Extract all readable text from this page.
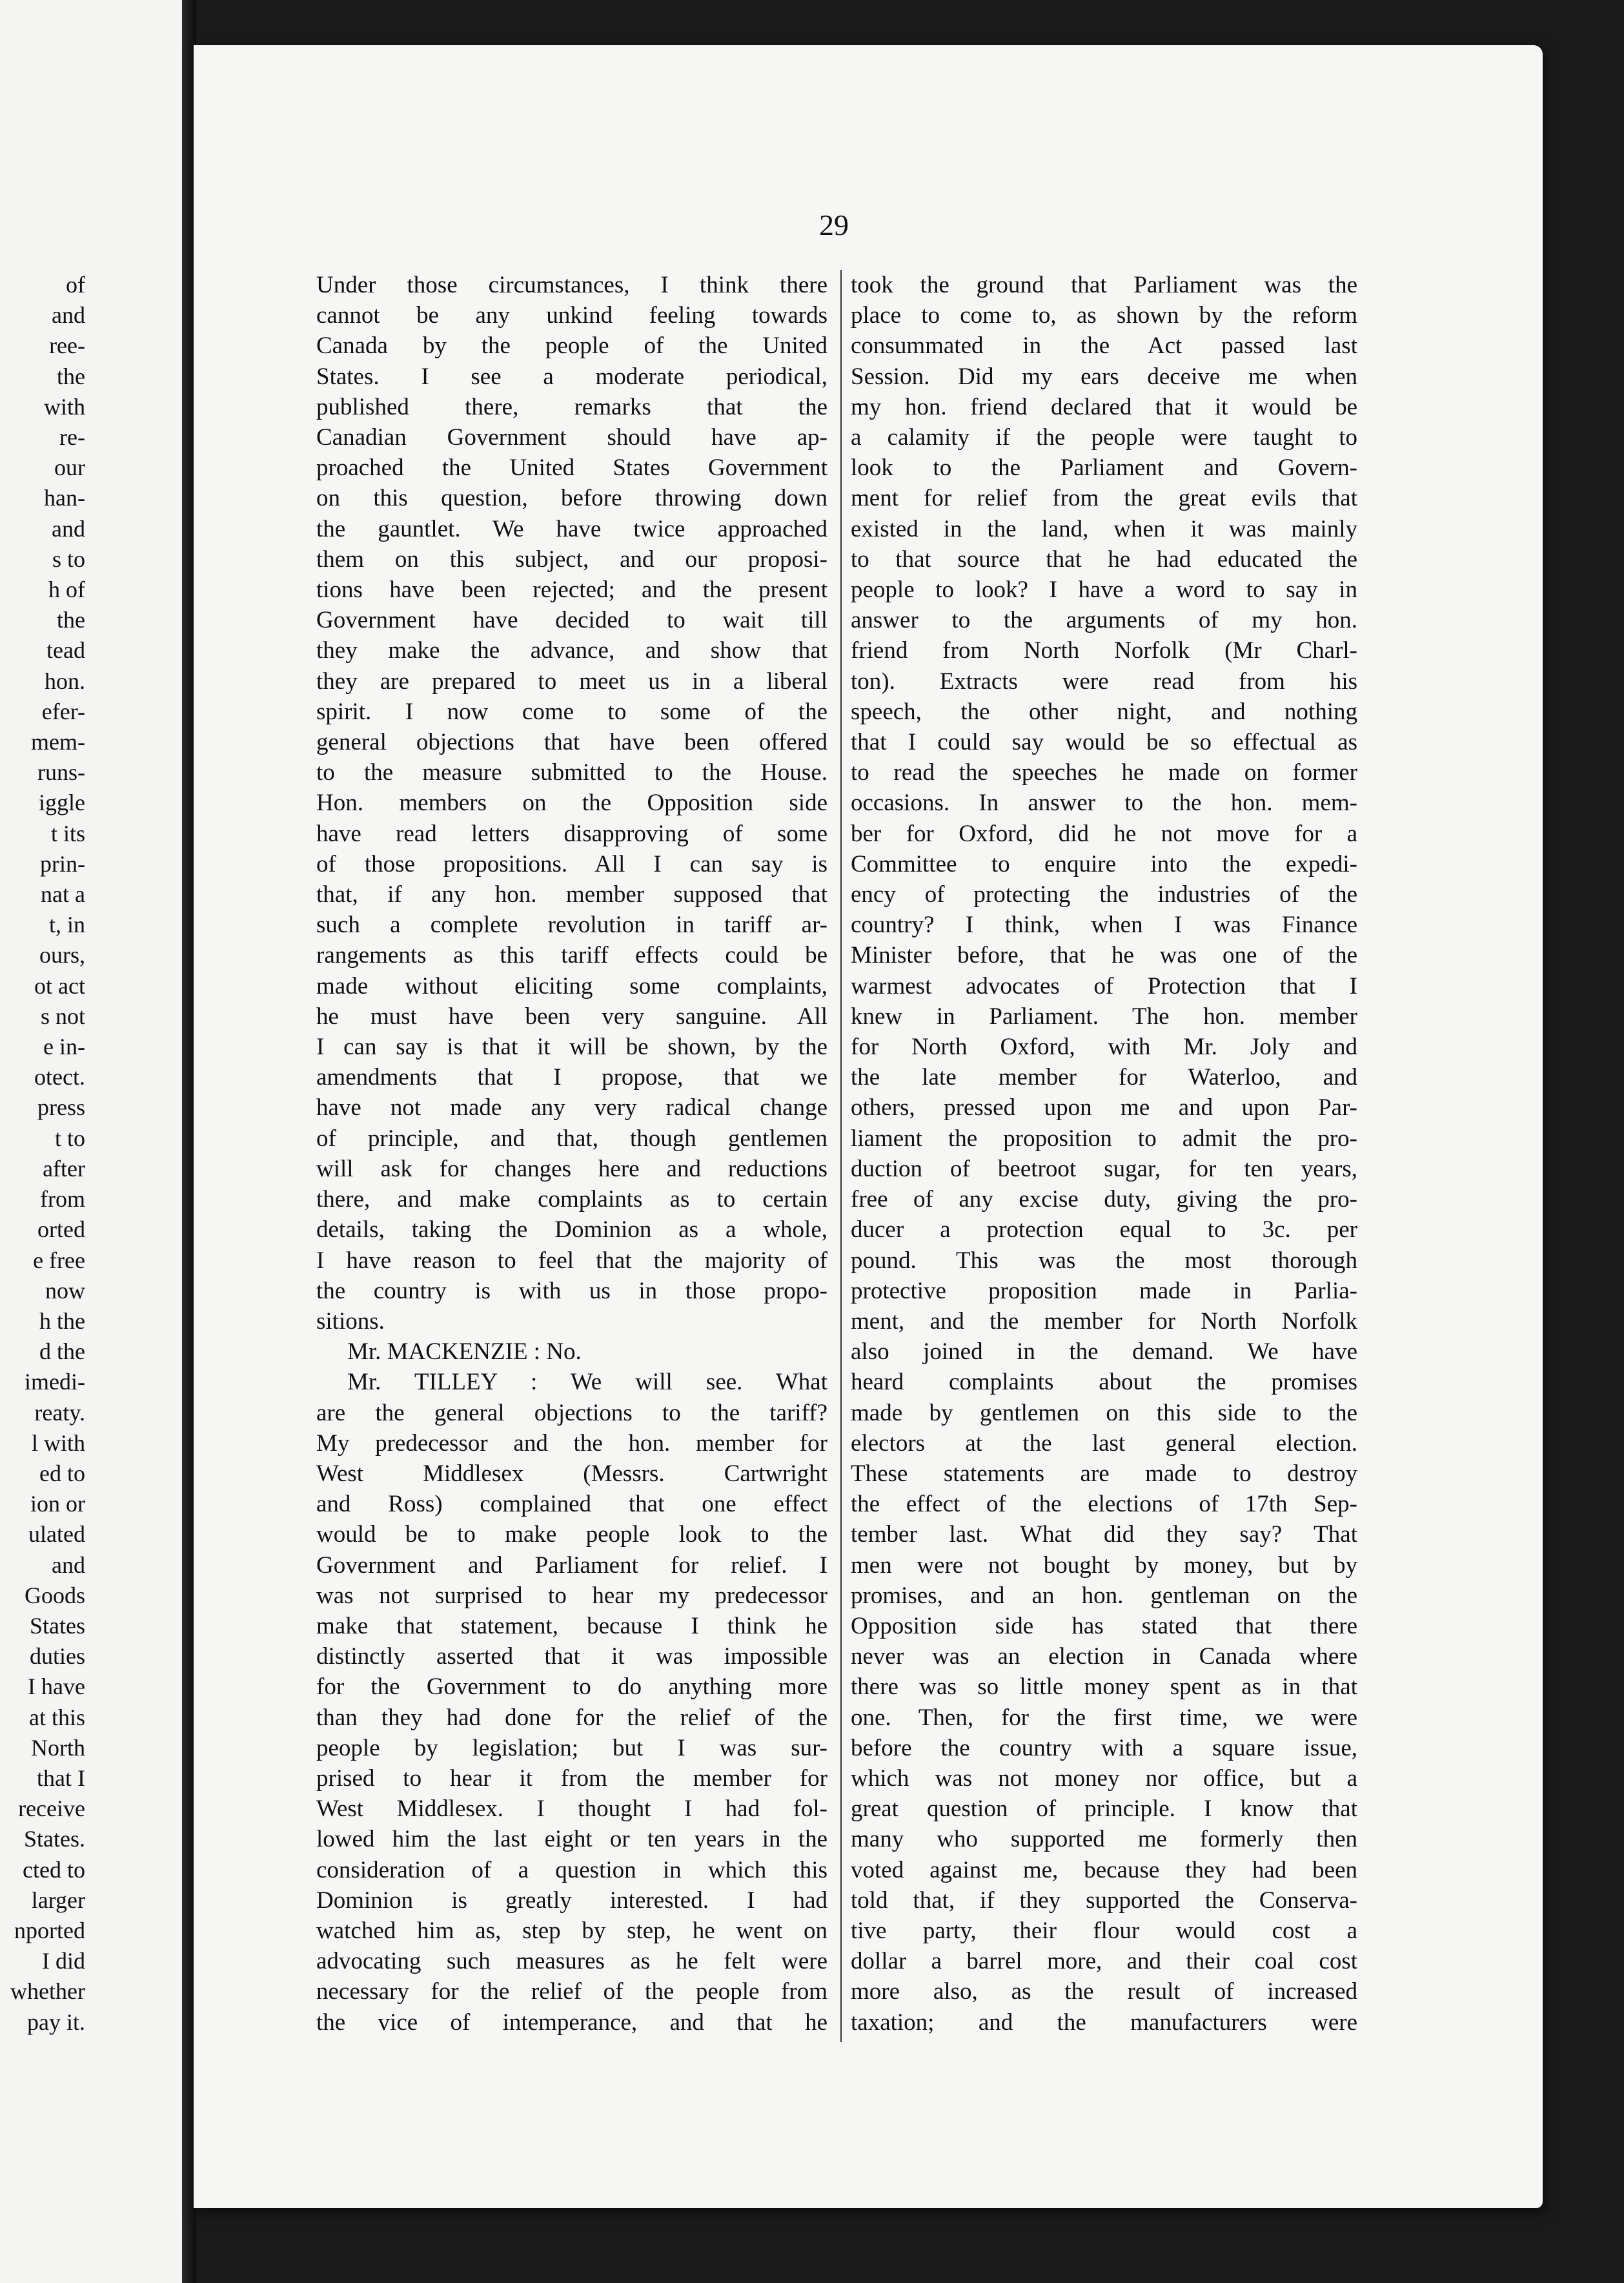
of
and
ree-
the
with
re-
our
han-
and
s to
h of
the
tead
hon.
efer-
mem-
runs-
iggle
t its
prin-
nat a
t, in
ours,
ot act
s not
e in-
otect.
press
t to
after
from
orted
e free
now
h the
d the
imedi-
reaty.
l with
ed to
ion or
ulated
and
Goods
States
duties
I have
at this
North
that I
receive
States.
cted to
larger
nported
I did
whether
pay it.
29
Under those circumstances, I think there
cannot be any unkind feeling towards
Canada by the people of the United
States. I see a moderate periodical,
published there, remarks that the
Canadian Government should have ap-
proached the United States Government
on this question, before throwing down
the gauntlet. We have twice approached
them on this subject, and our proposi-
tions have been rejected; and the present
Government have decided to wait till
they make the advance, and show that
they are prepared to meet us in a liberal
spirit. I now come to some of the
general objections that have been offered
to the measure submitted to the House.
Hon. members on the Opposition side
have read letters disapproving of some
of those propositions. All I can say is
that, if any hon. member supposed that
such a complete revolution in tariff ar-
rangements as this tariff effects could be
made without eliciting some complaints,
he must have been very sanguine. All
I can say is that it will be shown, by the
amendments that I propose, that we
have not made any very radical change
of principle, and that, though gentlemen
will ask for changes here and reductions
there, and make complaints as to certain
details, taking the Dominion as a whole,
I have reason to feel that the majority of
the country is with us in those propo-
sitions.
Mr. MACKENZIE : No.
Mr. TILLEY : We will see. What
are the general objections to the tariff?
My predecessor and the hon. member for
West Middlesex (Messrs. Cartwright
and Ross) complained that one effect
would be to make people look to the
Government and Parliament for relief. I
was not surprised to hear my predecessor
make that statement, because I think he
distinctly asserted that it was impossible
for the Government to do anything more
than they had done for the relief of the
people by legislation; but I was sur-
prised to hear it from the member for
West Middlesex. I thought I had fol-
lowed him the last eight or ten years in the
consideration of a question in which this
Dominion is greatly interested. I had
watched him as, step by step, he went on
advocating such measures as he felt were
necessary for the relief of the people from
the vice of intemperance, and that he
took the ground that Parliament was the
place to come to, as shown by the reform
consummated in the Act passed last
Session. Did my ears deceive me when
my hon. friend declared that it would be
a calamity if the people were taught to
look to the Parliament and Govern-
ment for relief from the great evils that
existed in the land, when it was mainly
to that source that he had educated the
people to look? I have a word to say in
answer to the arguments of my hon.
friend from North Norfolk (Mr Charl-
ton). Extracts were read from his
speech, the other night, and nothing
that I could say would be so effectual as
to read the speeches he made on former
occasions. In answer to the hon. mem-
ber for Oxford, did he not move for a
Committee to enquire into the expedi-
ency of protecting the industries of the
country? I think, when I was Finance
Minister before, that he was one of the
warmest advocates of Protection that I
knew in Parliament. The hon. member
for North Oxford, with Mr. Joly and
the late member for Waterloo, and
others, pressed upon me and upon Par-
liament the proposition to admit the pro-
duction of beetroot sugar, for ten years,
free of any excise duty, giving the pro-
ducer a protection equal to 3c. per
pound. This was the most thorough
protective proposition made in Parlia-
ment, and the member for North Norfolk
also joined in the demand. We have
heard complaints about the promises
made by gentlemen on this side to the
electors at the last general election.
These statements are made to destroy
the effect of the elections of 17th Sep-
tember last. What did they say? That
men were not bought by money, but by
promises, and an hon. gentleman on the
Opposition side has stated that there
never was an election in Canada where
there was so little money spent as in that
one. Then, for the first time, we were
before the country with a square issue,
which was not money nor office, but a
great question of principle. I know that
many who supported me formerly then
voted against me, because they had been
told that, if they supported the Conserva-
tive party, their flour would cost a
dollar a barrel more, and their coal cost
more also, as the result of increased
taxation; and the manufacturers were
